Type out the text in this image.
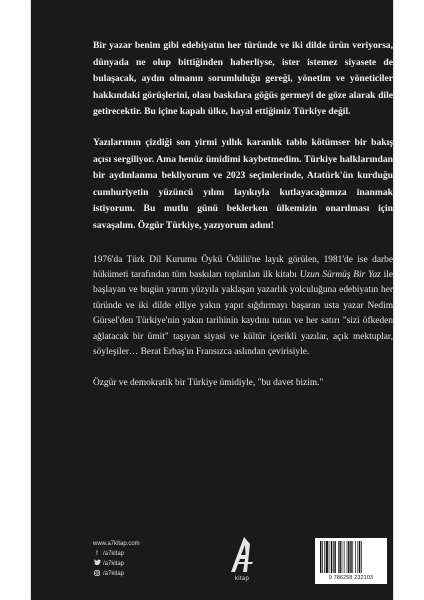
Bir yazar benim gibi edebiyatın her türünde ve iki dilde ürün veriyorsa, dünyada ne olup bittiğinden haberliyse, ister istemez siyasete de bulaşacak, aydın olmanın sorumluluğu gereği, yönetim ve yöneticiler hakkındaki görüşlerini, olası baskılara göğüs germeyi de göze alarak dile getirecektir. Bu içine kapalı ülke, hayal ettiğimiz Türkiye değil.

Yazılarımın çizdiği son yirmi yıllık karanlık tablo kötümser bir bakış açısı sergiliyor. Ama henüz ümidimi kaybetmedim. Türkiye halklarından bir aydınlanma bekliyorum ve 2023 seçimlerinde, Atatürk'ün kurduğu cumhuriyetin yüzüncü yılını layıkıyla kutlayacağımıza inanmak istiyorum. Bu mutlu günü beklerken ülkemizin onarılması için savaşalım. Özgür Türkiye, yazıyorum adını!

1976'da Türk Dil Kurumu Öykü Ödülü'ne layık görülen, 1981'de ise darbe hükümeti tarafından tüm baskıları toplatılan ilk kitabı Uzun Sürmüş Bir Yaz ile başlayan ve bugün yarım yüzyıla yaklaşan yazarlık yolculuğuna edebiyatın her türünde ve iki dilde elliye yakın yapıt sığdırmayı başaran usta yazar Nedim Gürsel'den Türkiye'nin yakın tarihinin kaydını tutan ve her satırı "sizi öfkeden ağlatacak bir ümit" taşıyan siyasi ve kültür içerikli yazılar, açık mektuplar, söyleşiler… Berat Erbaş'ın Fransızca aslından çevirisiyle.

Özgür ve demokratik bir Türkiye ümidiyle, "bu davet bizim."

www.a7kitap.com
f /a7kitap
/a7kitap
/a7kitap
kitap	9 786258 232103
